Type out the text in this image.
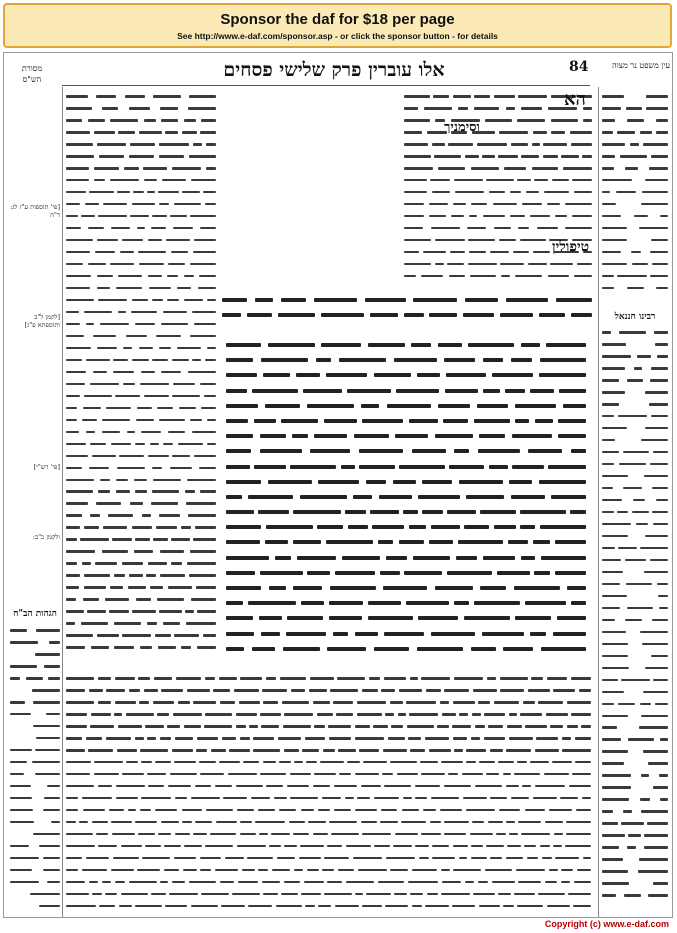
Sponsor the daf for $18 per page
See http://www.e-daf.com/sponsor.asp - or click the sponsor button - for details
מסורת הש"ס	אלו עוברין פרק שלישי פסחים	84	עין משפט נר מצוה
הא
וסימניך
טיפולין
רבינו חננאל
[פי' תוספות ע"ז לג: ד"ה
[לקמן ל"ב ותוספתא פ"ג]
[פי' רש"י]
ולקמן כ"ב:
הגהות הב"ח
Copyright (c) www.e-daf.com
